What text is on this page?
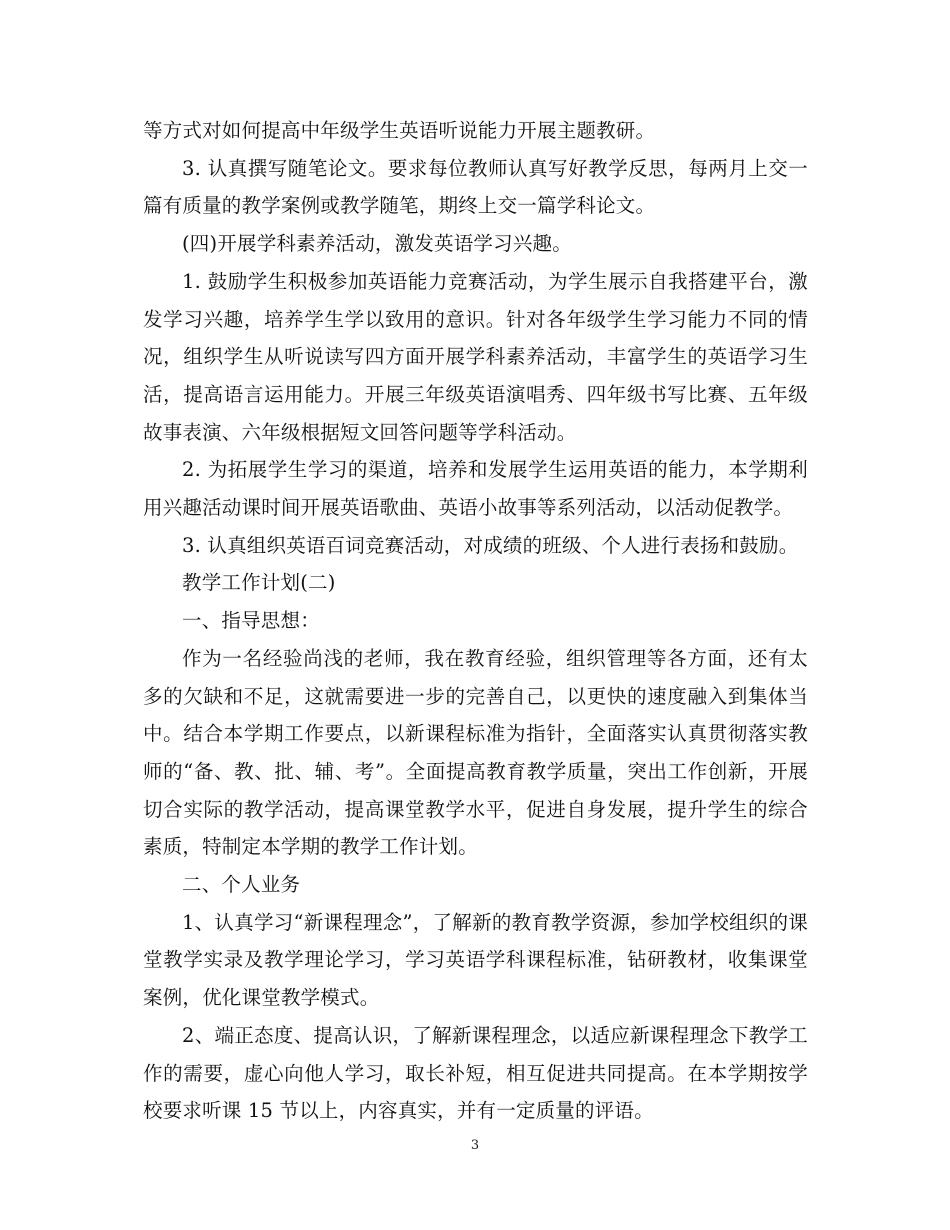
等方式对如何提高中年级学生英语听说能力开展主题教研。

3. 认真撰写随笔论文。要求每位教师认真写好教学反思，每两月上交一篇有质量的教学案例或教学随笔，期终上交一篇学科论文。

(四)开展学科素养活动，激发英语学习兴趣。

1. 鼓励学生积极参加英语能力竞赛活动，为学生展示自我搭建平台，激发学习兴趣，培养学生学以致用的意识。针对各年级学生学习能力不同的情况，组织学生从听说读写四方面开展学科素养活动，丰富学生的英语学习生活，提高语言运用能力。开展三年级英语演唱秀、四年级书写比赛、五年级故事表演、六年级根据短文回答问题等学科活动。

2. 为拓展学生学习的渠道，培养和发展学生运用英语的能力，本学期利用兴趣活动课时间开展英语歌曲、英语小故事等系列活动，以活动促教学。

3. 认真组织英语百词竞赛活动，对成绩的班级、个人进行表扬和鼓励。

教学工作计划(二)

一、指导思想：

作为一名经验尚浅的老师，我在教育经验，组织管理等各方面，还有太多的欠缺和不足，这就需要进一步的完善自己，以更快的速度融入到集体当中。结合本学期工作要点，以新课程标准为指针，全面落实认真贯彻落实教师的“备、教、批、辅、考”。全面提高教育教学质量，突出工作创新，开展切合实际的教学活动，提高课堂教学水平，促进自身发展，提升学生的综合素质，特制定本学期的教学工作计划。

二、个人业务

1、认真学习“新课程理念”，了解新的教育教学资源，参加学校组织的课堂教学实录及教学理论学习，学习英语学科课程标准，钻研教材，收集课堂案例，优化课堂教学模式。

2、端正态度、提高认识，了解新课程理念，以适应新课程理念下教学工作的需要，虚心向他人学习，取长补短，相互促进共同提高。在本学期按学校要求听课 15 节以上，内容真实，并有一定质量的评语。

3
